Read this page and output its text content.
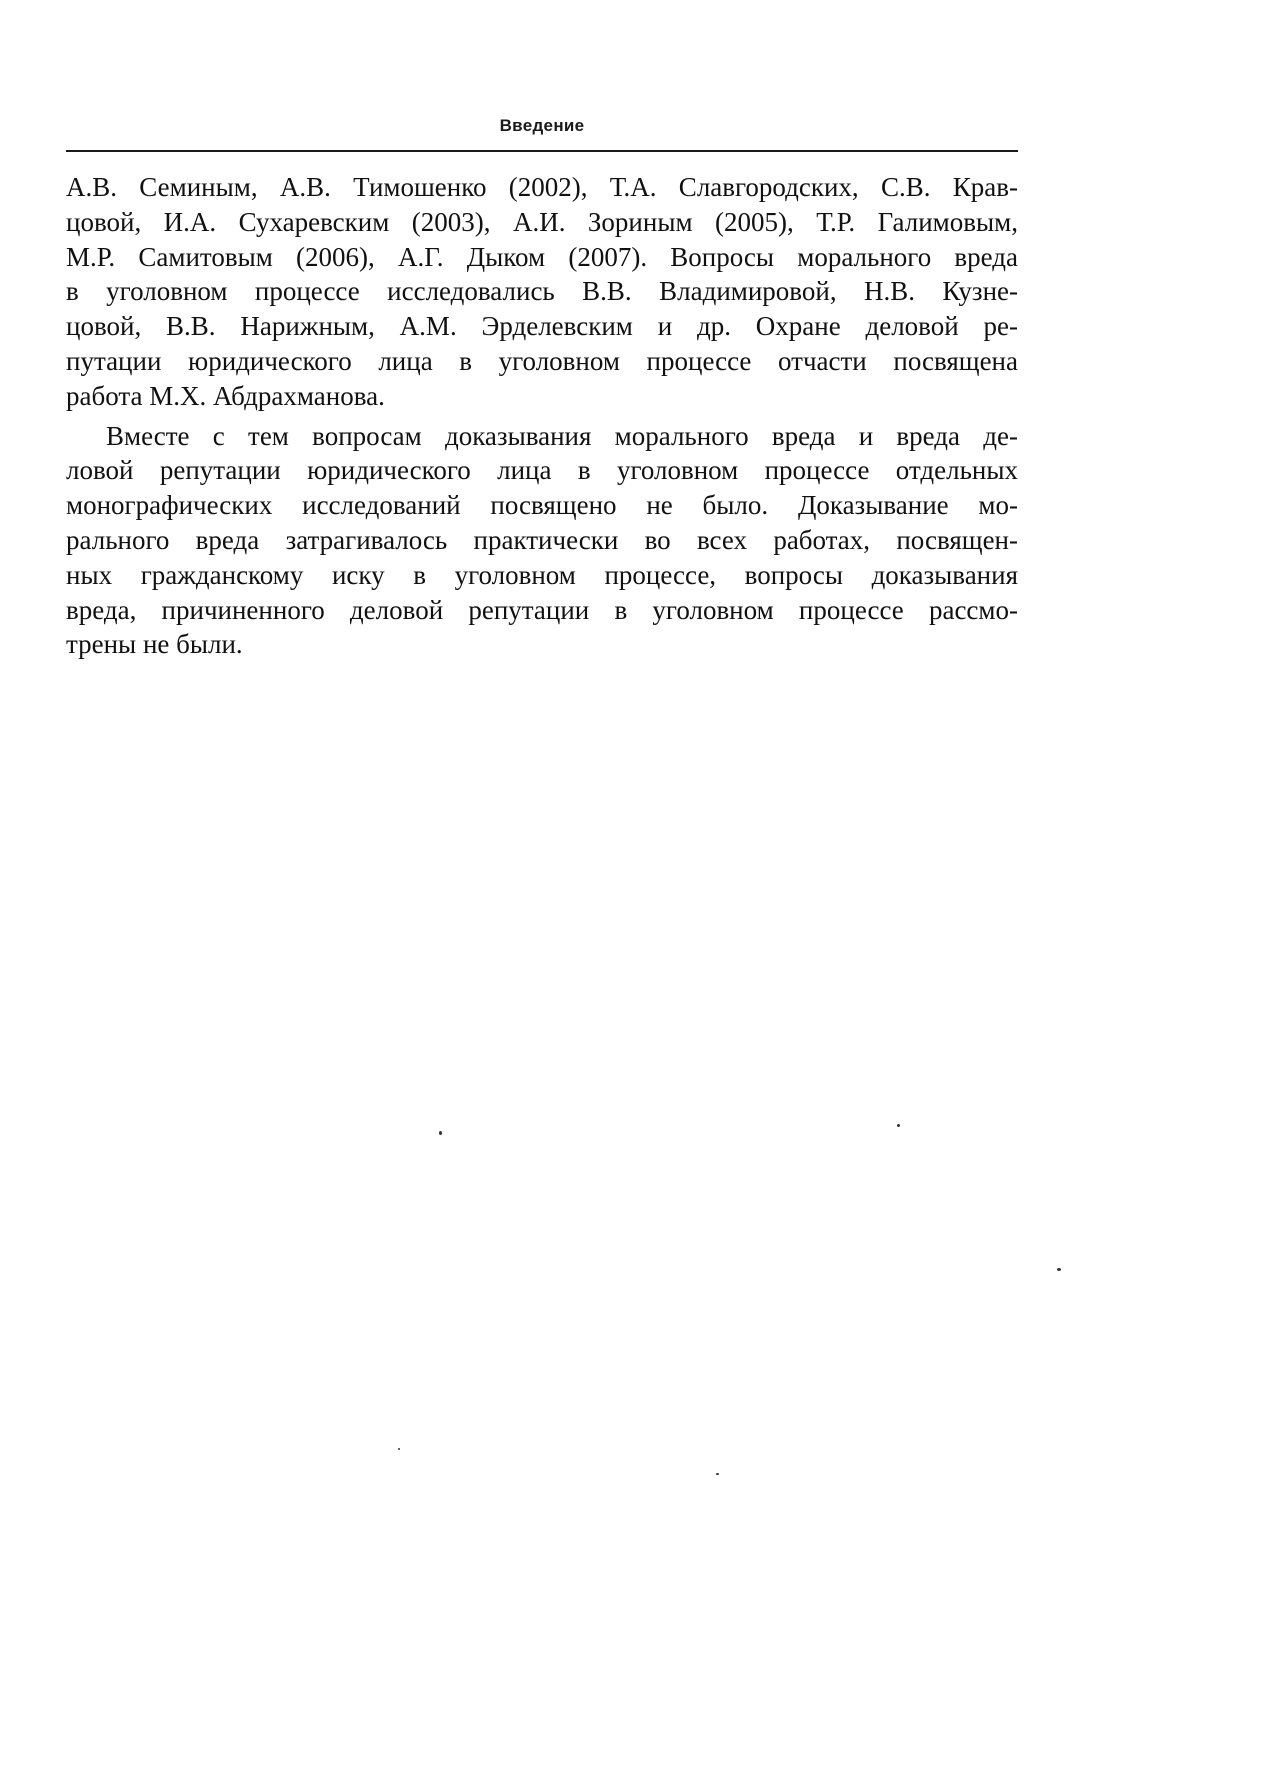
Введение
А.В. Семиным, А.В. Тимошенко (2002), Т.А. Славгородских, С.В. Крав-
цовой, И.А. Сухаревским (2003), А.И. Зориным (2005), Т.Р. Галимовым,
М.Р. Самитовым (2006), А.Г. Дыком (2007). Вопросы морального вреда
в уголовном процессе исследовались В.В. Владимировой, Н.В. Кузне-
цовой, В.В. Нарижным, А.М. Эрделевским и др. Охране деловой ре-
путации юридического лица в уголовном процессе отчасти посвящена
работа М.Х. Абдрахманова.
Вместе с тем вопросам доказывания морального вреда и вреда де-
ловой репутации юридического лица в уголовном процессе отдельных
монографических исследований посвящено не было. Доказывание мо-
рального вреда затрагивалось практически во всех работах, посвящен-
ных гражданскому иску в уголовном процессе, вопросы доказывания
вреда, причиненного деловой репутации в уголовном процессе рассмо-
трены не были.
